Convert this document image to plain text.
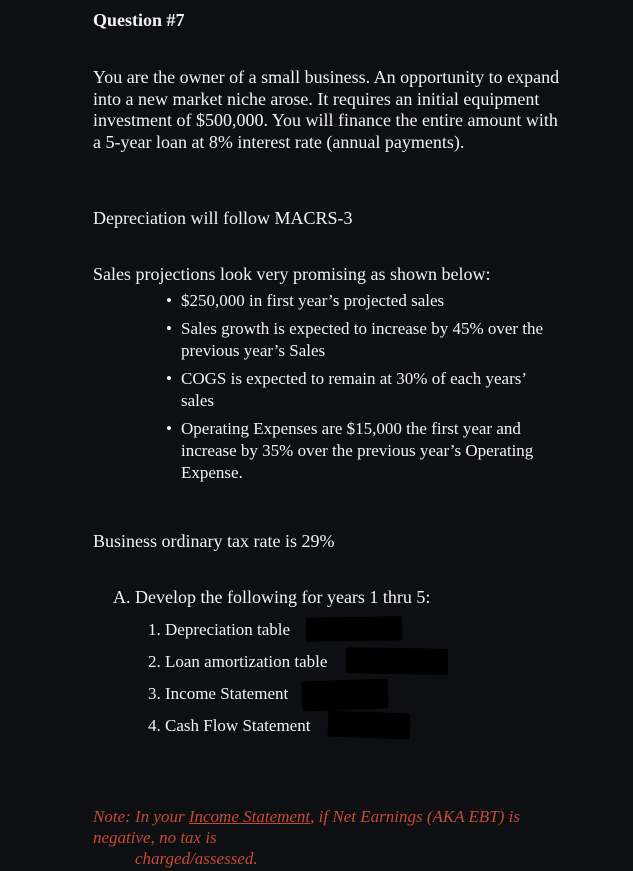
Question #7
You are the owner of a small business. An opportunity to expand into a new market niche arose. It requires an initial equipment investment of $500,000. You will finance the entire amount with a 5-year loan at 8% interest rate (annual payments).
Depreciation will follow MACRS-3
Sales projections look very promising as shown below:
• $250,000 in first year’s projected sales
• Sales growth is expected to increase by 45% over the previous year’s Sales
• COGS is expected to remain at 30% of each years’ sales
• Operating Expenses are $15,000 the first year and increase by 35% over the previous year’s Operating Expense.
Business ordinary tax rate is 29%
A. Develop the following for years 1 thru 5:
1. Depreciation table
2. Loan amortization table
3. Income Statement
4. Cash Flow Statement
Note: In your Income Statement, if Net Earnings (AKA EBT) is negative, no tax is
charged/assessed.
